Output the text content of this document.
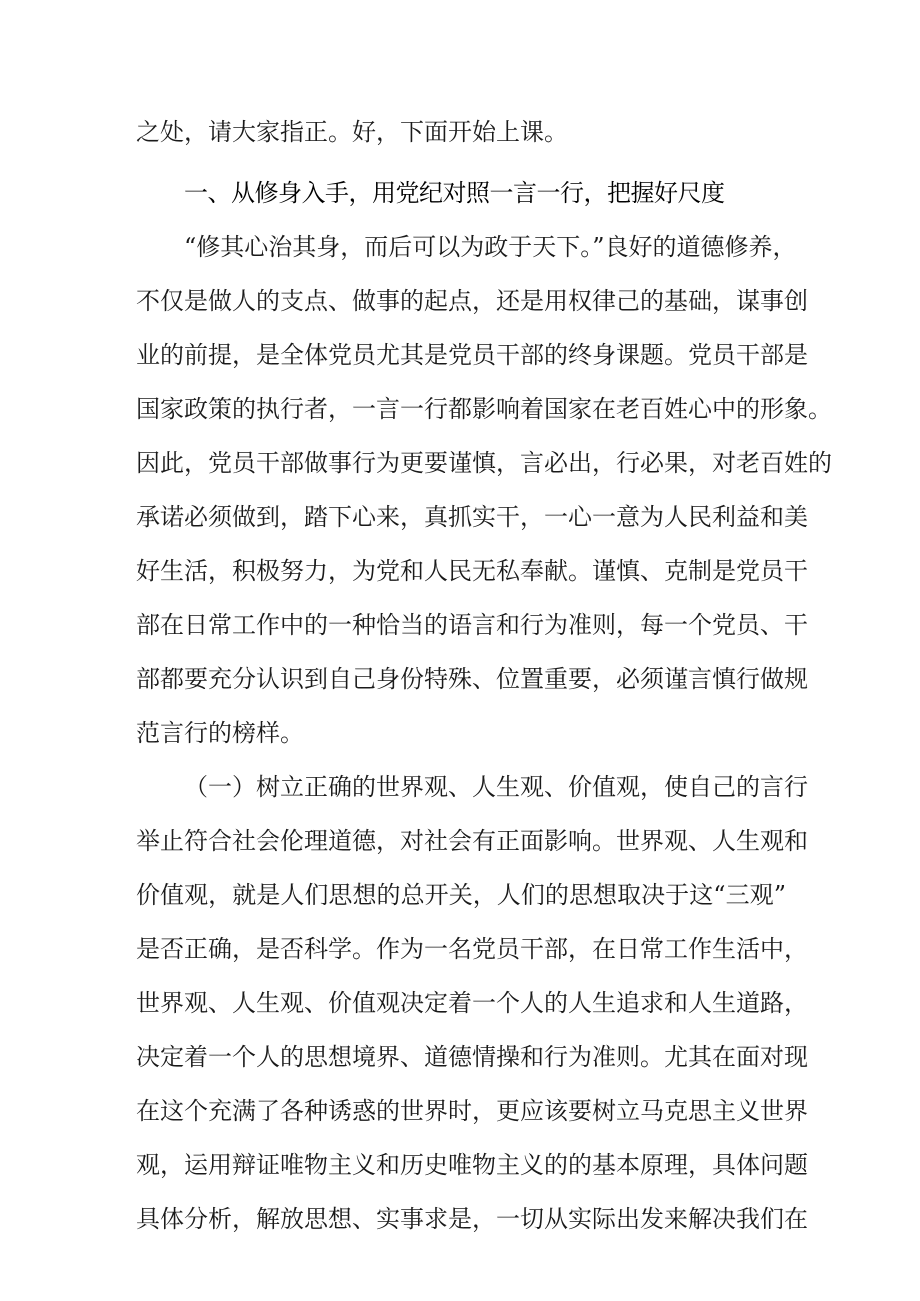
之处，请大家指正。好，下面开始上课。
一、从修身入手，用党纪对照一言一行，把握好尺度
“修其心治其身，而后可以为政于天下。”良好的道德修养，
不仅是做人的支点、做事的起点，还是用权律己的基础，谋事创
业的前提，是全体党员尤其是党员干部的终身课题。党员干部是
国家政策的执行者，一言一行都影响着国家在老百姓心中的形象。
因此，党员干部做事行为更要谨慎，言必出，行必果，对老百姓的
承诺必须做到，踏下心来，真抓实干，一心一意为人民利益和美
好生活，积极努力，为党和人民无私奉献。谨慎、克制是党员干
部在日常工作中的一种恰当的语言和行为准则，每一个党员、干
部都要充分认识到自己身份特殊、位置重要，必须谨言慎行做规
范言行的榜样。
（一）树立正确的世界观、人生观、价值观，使自己的言行
举止符合社会伦理道德，对社会有正面影响。世界观、人生观和
价值观，就是人们思想的总开关，人们的思想取决于这“三观”
是否正确，是否科学。作为一名党员干部，在日常工作生活中，
世界观、人生观、价值观决定着一个人的人生追求和人生道路，
决定着一个人的思想境界、道德情操和行为准则。尤其在面对现
在这个充满了各种诱惑的世界时，更应该要树立马克思主义世界
观，运用辩证唯物主义和历史唯物主义的的基本原理，具体问题
具体分析，解放思想、实事求是，一切从实际出发来解决我们在
